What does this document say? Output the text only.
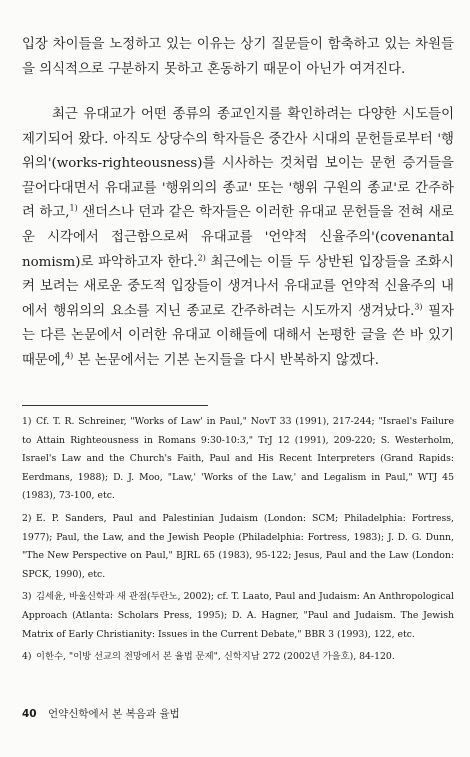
입장 차이들을 노정하고 있는 이유는 상기 질문들이 함축하고 있는 차원들을 의식적으로 구분하지 못하고 혼동하기 때문이 아닌가 여겨진다.

최근 유대교가 어떤 종류의 종교인지를 확인하려는 다양한 시도들이 제기되어 왔다. 아직도 상당수의 학자들은 중간사 시대의 문헌들로부터 '행위의'(works-righteousness)를 시사하는 것처럼 보이는 문헌 증거들을 끌어다대면서 유대교를 '행위의의 종교' 또는 '행위 구원의 종교'로 간주하려 하고,$^{1)}$ 샌더스나 던과 같은 학자들은 이러한 유대교 문헌들을 전혀 새로운 시각에서 접근함으로써 유대교를 '언약적 신율주의'(covenantal nomism)로 파악하고자 한다.$^{2)}$ 최근에는 이들 두 상반된 입장들을 조화시켜 보려는 새로운 중도적 입장들이 생겨나서 유대교를 언약적 신율주의 내에서 행위의의 요소를 지닌 종교로 간주하려는 시도까지 생겨났다.$^{3)}$ 필자는 다른 논문에서 이러한 유대교 이해들에 대해서 논평한 글을 쓴 바 있기 때문에,$^{4)}$ 본 논문에서는 기본 논지들을 다시 반복하지 않겠다.

1) Cf. T. R. Schreiner, "Works of Law' in Paul," NovT 33 (1991), 217-244; "Israel's Failure to Attain Righteousness in Romans 9:30-10:3," TrJ 12 (1991), 209-220; S. Westerholm, Israel's Law and the Church's Faith, Paul and His Recent Interpreters (Grand Rapids: Eerdmans, 1988); D. J. Moo, "Law,' 'Works of the Law,' and Legalism in Paul," WTJ 45 (1983), 73-100, etc.

2) E. P. Sanders, Paul and Palestinian Judaism (London: SCM; Philadelphia: Fortress, 1977); Paul, the Law, and the Jewish People (Philadelphia: Fortress, 1983); J. D. G. Dunn, "The New Perspective on Paul," BJRL 65 (1983), 95-122; Jesus, Paul and the Law (London: SPCK, 1990), etc.

3) 김세윤, 바울신학과 새 관점(두란노, 2002); cf. T. Laato, Paul and Judaism: An Anthropological Approach (Atlanta: Scholars Press, 1995); D. A. Hagner, "Paul and Judaism. The Jewish Matrix of Early Christianity: Issues in the Current Debate," BBR 3 (1993), 122, etc.

4) 이한수, "이방 선교의 전망에서 본 율법 문제", 신학지남 272 (2002년 가을호), 84-120.

40 언약신학에서 본 복음과 율법
